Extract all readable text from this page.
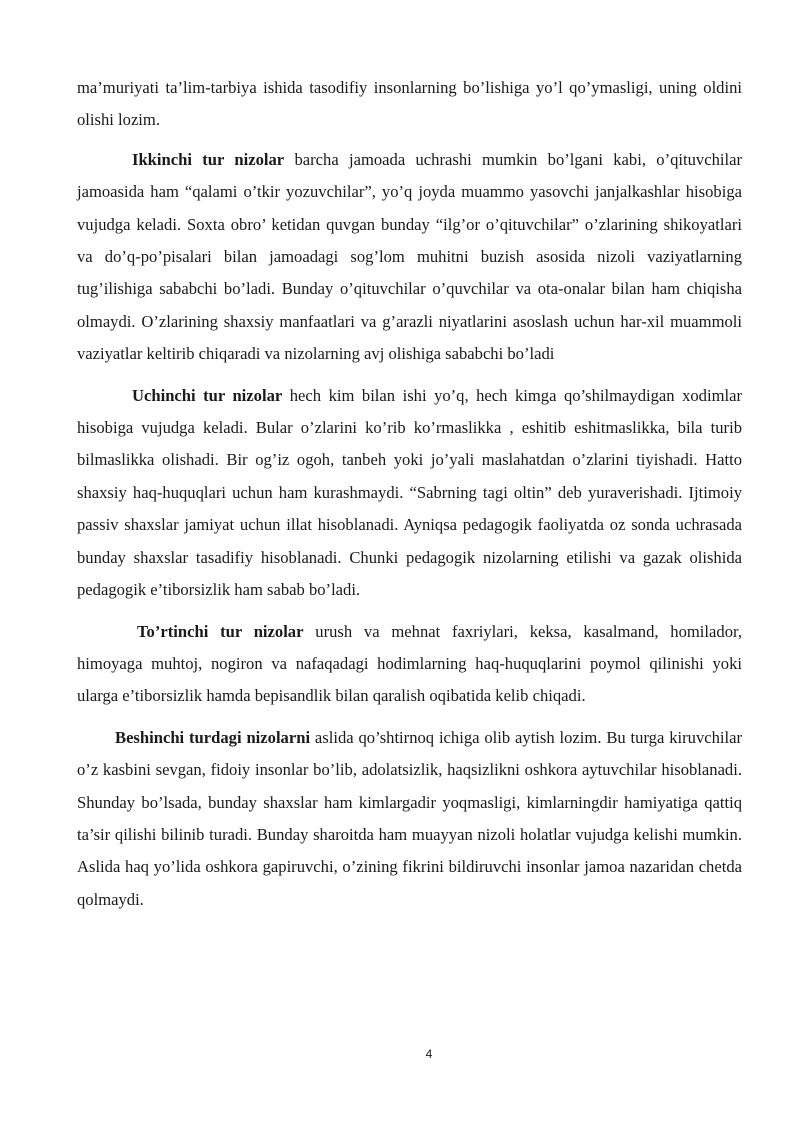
ma’muriyati ta’lim-tarbiya ishida tasodifiy insonlarning bo’lishiga yo’l qo’ymasligi, uning oldini olishi lozim.

Ikkinchi tur nizolar barcha jamoada uchrashi mumkin bo’lgani kabi, o’qituvchilar jamoasida ham “qalami o’tkir yozuvchilar”, yo’q joyda muammo yasovchi janjalkashlar hisobiga vujudga keladi. Soxta obro’ ketidan quvgan bunday “ilg’or o’qituvchilar” o’zlarining shikoyatlari va do’q-po’pisalari bilan jamoadagi sog’lom muhitni buzish asosida nizoli vaziyatlarning tug’ilishiga sababchi bo’ladi. Bunday o’qituvchilar o’quvchilar va ota-onalar bilan ham chiqisha olmaydi. O’zlarining shaxsiy manfaatlari va g’arazli niyatlarini asoslash uchun har-xil muammoli vaziyatlar keltirib chiqaradi va nizolarning avj olishiga sababchi bo’ladi

Uchinchi tur nizolar hech kim bilan ishi yo’q, hech kimga qo’shilmaydigan xodimlar hisobiga vujudga keladi. Bular o’zlarini ko’rib ko’rmaslikka , eshitib eshitmaslikka, bila turib bilmaslikka olishadi. Bir og’iz ogoh, tanbeh yoki jo’yali maslahatdan o’zlarini tiyishadi. Hatto shaxsiy haq-huquqlari uchun ham kurashmaydi. “Sabrning tagi oltin” deb yuraverishadi. Ijtimoiy passiv shaxslar jamiyat uchun illat hisoblanadi. Ayniqsa pedagogik faoliyatda oz sonda uchrasada bunday shaxslar tasadifiy hisoblanadi. Chunki pedagogik nizolarning etilishi va gazak olishida pedagogik e’tiborsizlik ham sabab bo’ladi.

To’rtinchi tur nizolar urush va mehnat faxriylari, keksa, kasalmand, homilador, himoyaga muhtoj, nogiron va nafaqadagi hodimlarning haq-huquqlarini poymol qilinishi yoki ularga e’tiborsizlik hamda bepisandlik bilan qaralish oqibatida kelib chiqadi.

Beshinchi turdagi nizolarni aslida qo’shtirnoq ichiga olib aytish lozim. Bu turga kiruvchilar o’z kasbini sevgan, fidoiy insonlar bo’lib, adolatsizlik, haqsizlikni oshkora aytuvchilar hisoblanadi. Shunday bo’lsada, bunday shaxslar ham kimlargadir yoqmasligi, kimlarningdir hamiyatiga qattiq ta’sir qilishi bilinib turadi. Bunday sharoitda ham muayyan nizoli holatlar vujudga kelishi mumkin. Aslida haq yo’lida oshkora gapiruvchi, o’zining fikrini bildiruvchi insonlar jamoa nazaridan chetda qolmaydi.

4
